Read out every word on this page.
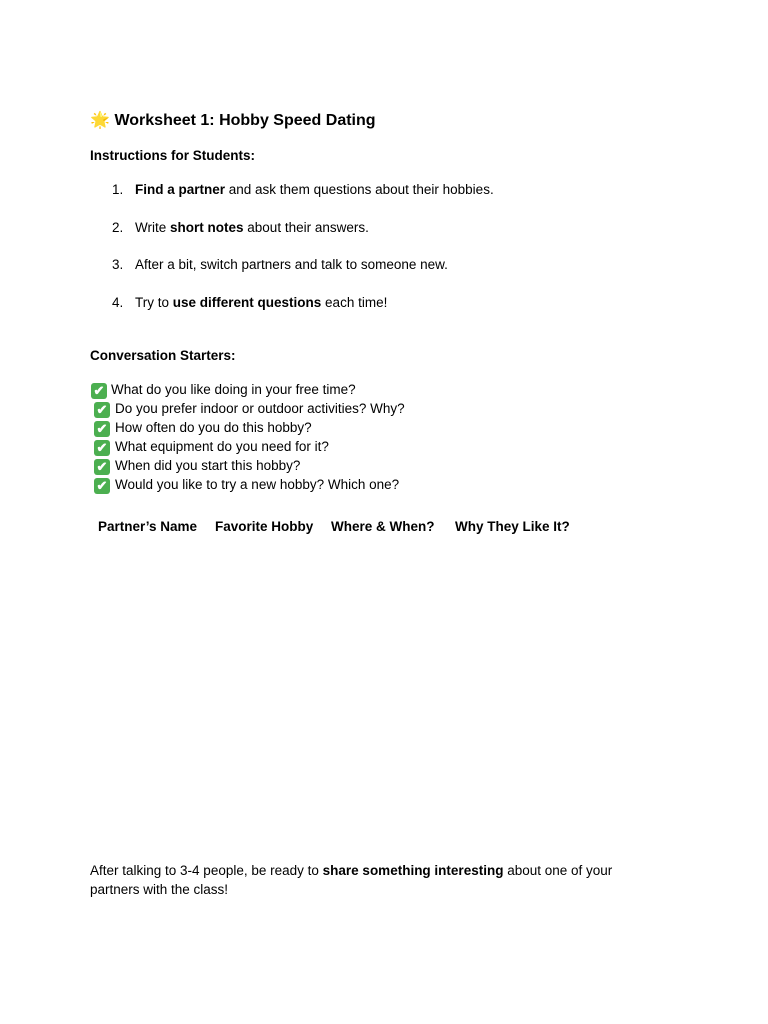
🌟 Worksheet 1: Hobby Speed Dating
Instructions for Students:
1. Find a partner and ask them questions about their hobbies.
2. Write short notes about their answers.
3. After a bit, switch partners and talk to someone new.
4. Try to use different questions each time!
Conversation Starters:
✔ What do you like doing in your free time?
✔ Do you prefer indoor or outdoor activities? Why?
✔ How often do you do this hobby?
✔ What equipment do you need for it?
✔ When did you start this hobby?
✔ Would you like to try a new hobby? Which one?
Partner’s Name Favorite Hobby Where & When? Why They Like It?
After talking to 3-4 people, be ready to share something interesting about one of your partners with the class!
